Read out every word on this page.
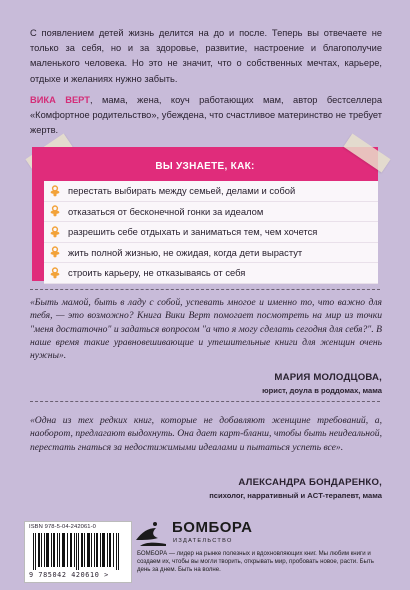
С появлением детей жизнь делится на до и после. Теперь вы отвечаете не только за себя, но и за здоровье, развитие, настроение и благополучие маленького человека. Но это не значит, что о собственных мечтах, карьере, отдыхе и желаниях нужно забыть.

ВИКА ВЕРТ, мама, жена, коуч работающих мам, автор бестселлера «Комфортное родительство», убеждена, что счастливое материнство не требует жертв.

ВЫ УЗНАЕТЕ, КАК:
перестать выбирать между семьей, делами и собой
отказаться от бесконечной гонки за идеалом
разрешить себе отдыхать и заниматься тем, чем хочется
жить полной жизнью, не ожидая, когда дети вырастут
строить карьеру, не отказываясь от себя
«Быть мамой, быть в ладу с собой, успевать многое и именно то, что важно для тебя, — это возможно? Книга Вики Верт помогает посмотреть на мир из точки "меня достаточно" и задаться вопросом "а что я могу сделать сегодня для себя?". В наше время такие уравновешивающие и утешительные книги для женщин очень нужны».
МАРИЯ МОЛОДЦОВА,
юрист, доула в роддомах, мама
«Одна из тех редких книг, которые не добавляют женщине требований, а, наоборот, предлагают выдохнуть. Она дает карт-бланш, чтобы быть неидеальной, перестать гнаться за недостижимыми идеалами и пытаться успеть все».
АЛЕКСАНДРА БОНДАРЕНКО,
психолог, нарративный и ACT-терапевт, мама
ISBN 978-5-04-242061-0
9 785042 420610 >
БОМБОРА
ИЗДАТЕЛЬСТВО
БОМБОРА — лидер на рынке полезных и вдохновляющих книг. Мы любим книги и создаем их, чтобы вы могли творить, открывать мир, пробовать новое, расти. Быть день за днем. Быть на волне.
